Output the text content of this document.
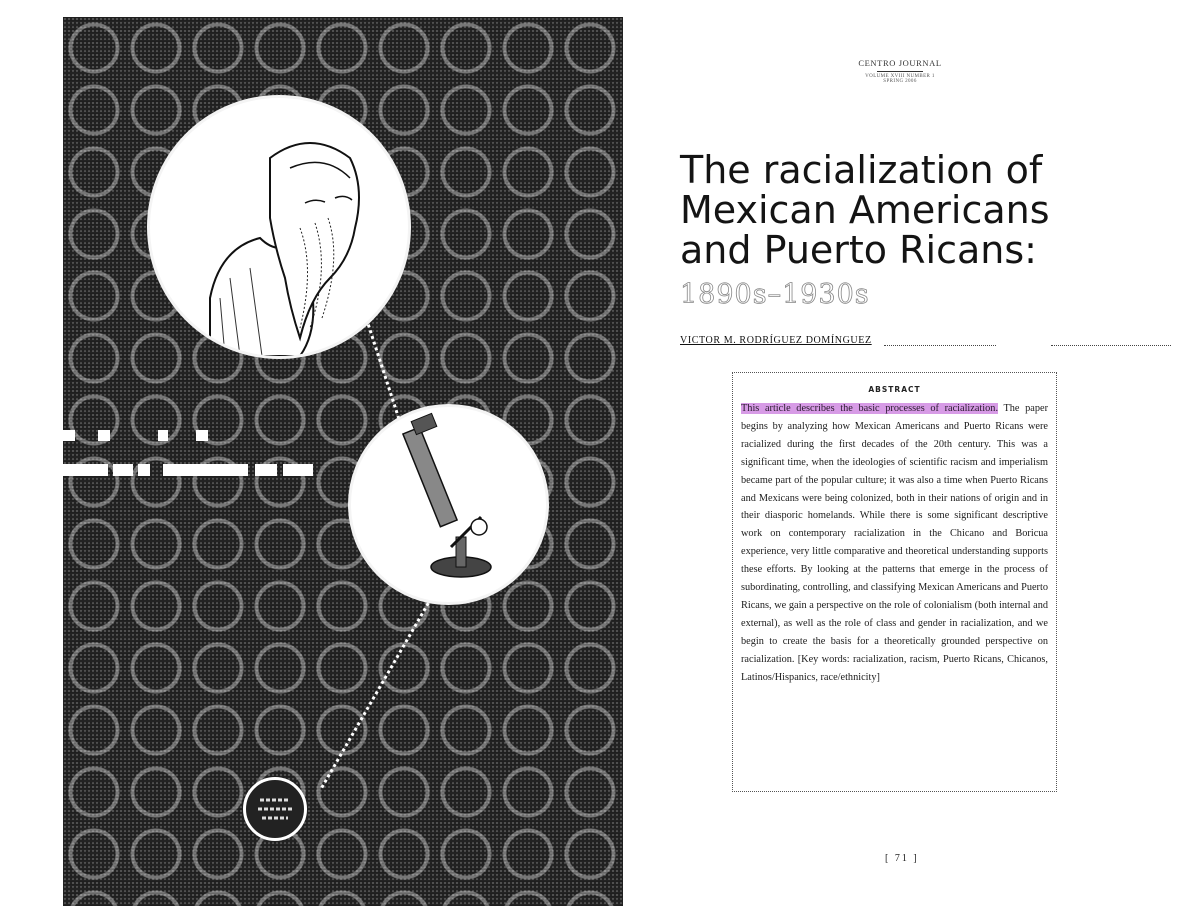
CENTRO JOURNAL
VOLUME XVIII NUMBER 1
SPRING 2006
The racialization of
Mexican Americans
and Puerto Ricans:
1890s–1930s
VICTOR M. RODRÍGUEZ DOMÍNGUEZ
ABSTRACT

This article describes the basic processes of racialization. The paper begins by analyzing how Mexican Americans and Puerto Ricans were racialized during the first decades of the 20th century. This was a significant time, when the ideologies of scientific racism and imperialism became part of the popular culture; it was also a time when Puerto Ricans and Mexicans were being colonized, both in their nations of origin and in their diasporic homelands. While there is some significant descriptive work on contemporary racialization in the Chicano and Boricua experience, very little comparative and theoretical understanding supports these efforts. By looking at the patterns that emerge in the process of subordinating, controlling, and classifying Mexican Americans and Puerto Ricans, we gain a perspective on the role of colonialism (both internal and external), as well as the role of class and gender in racialization, and we begin to create the basis for a theoretically grounded perspective on racialization. [Key words: racialization, racism, Puerto Ricans, Chicanos, Latinos/Hispanics, race/ethnicity]

[ 71 ]
